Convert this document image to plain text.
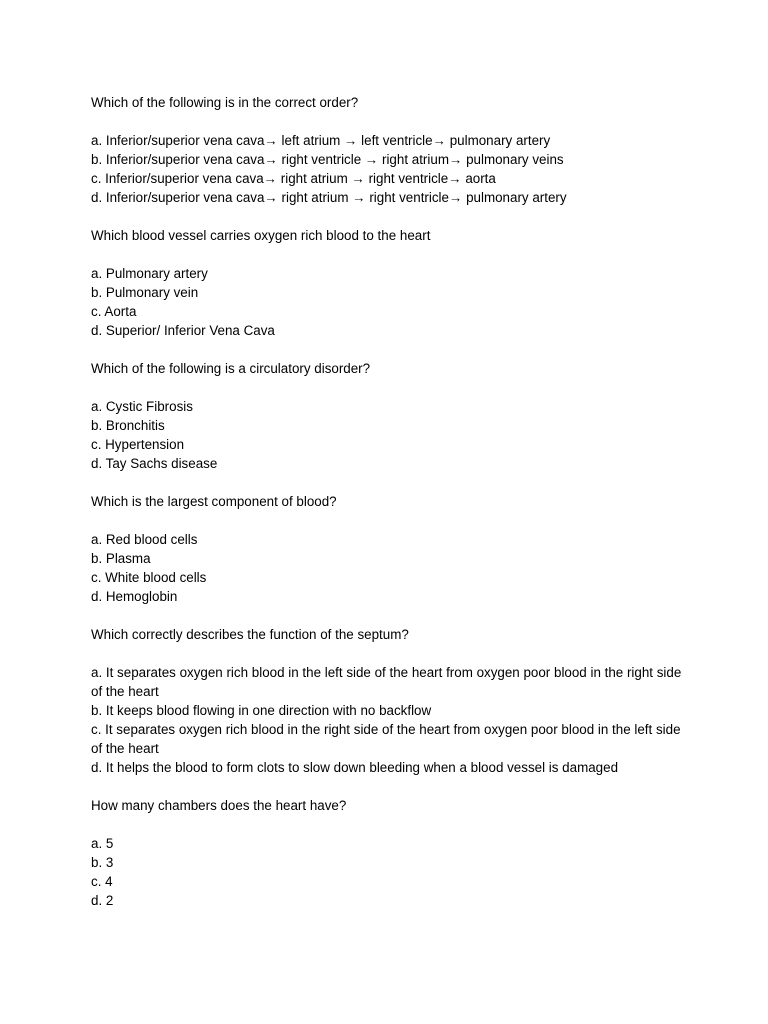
Which of the following is in the correct order?
a. Inferior/superior vena cava→ left atrium → left ventricle→ pulmonary artery
b. Inferior/superior vena cava→ right ventricle → right atrium→ pulmonary veins
c. Inferior/superior vena cava→ right atrium → right ventricle→ aorta
d. Inferior/superior vena cava→ right atrium → right ventricle→ pulmonary artery
Which blood vessel carries oxygen rich blood to the heart
a. Pulmonary artery
b. Pulmonary vein
c. Aorta
d. Superior/ Inferior Vena Cava
Which of the following is a circulatory disorder?
a. Cystic Fibrosis
b. Bronchitis
c. Hypertension
d. Tay Sachs disease
Which is the largest component of blood?
a. Red blood cells
b. Plasma
c. White blood cells
d. Hemoglobin
Which correctly describes the function of the septum?
a. It separates oxygen rich blood in the left side of the heart from oxygen poor blood in the right side of the heart
b. It keeps blood flowing in one direction with no backflow
c. It separates oxygen rich blood in the right side of the heart from oxygen poor blood in the left side of the heart
d. It helps the blood to form clots to slow down bleeding when a blood vessel is damaged
How many chambers does the heart have?
a. 5
b. 3
c. 4
d. 2
